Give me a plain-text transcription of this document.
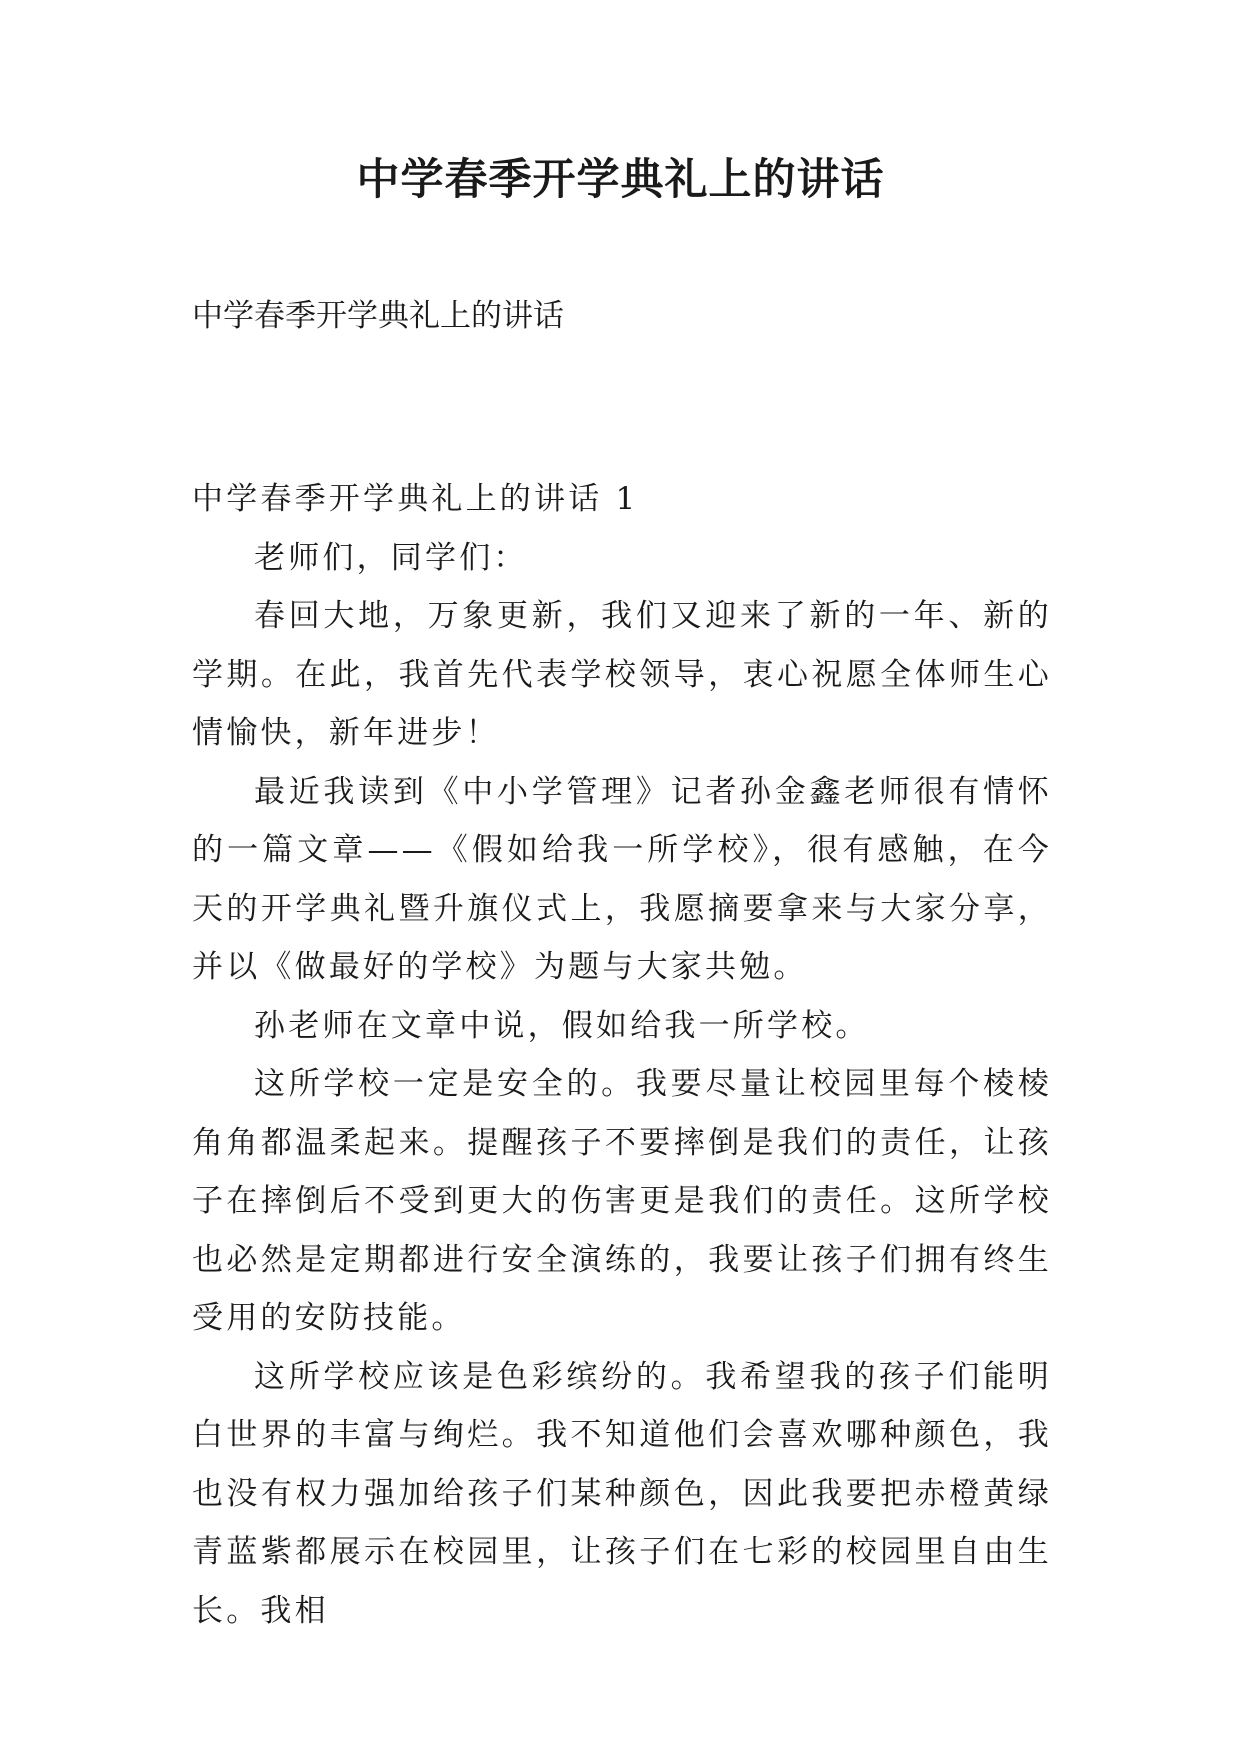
中学春季开学典礼上的讲话

中学春季开学典礼上的讲话

中学春季开学典礼上的讲话 1

老师们，同学们：

春回大地，万象更新，我们又迎来了新的一年、新的学期。在此，我首先代表学校领导，衷心祝愿全体师生心情愉快，新年进步！

最近我读到《中小学管理》记者孙金鑫老师很有情怀的一篇文章——《假如给我一所学校》，很有感触，在今天的开学典礼暨升旗仪式上，我愿摘要拿来与大家分享，并以《做最好的学校》为题与大家共勉。

孙老师在文章中说，假如给我一所学校。

这所学校一定是安全的。我要尽量让校园里每个棱棱角角都温柔起来。提醒孩子不要摔倒是我们的责任，让孩子在摔倒后不受到更大的伤害更是我们的责任。这所学校也必然是定期都进行安全演练的，我要让孩子们拥有终生受用的安防技能。

这所学校应该是色彩缤纷的。我希望我的孩子们能明白世界的丰富与绚烂。我不知道他们会喜欢哪种颜色，我也没有权力强加给孩子们某种颜色，因此我要把赤橙黄绿青蓝紫都展示在校园里，让孩子们在七彩的校园里自由生长。我相
